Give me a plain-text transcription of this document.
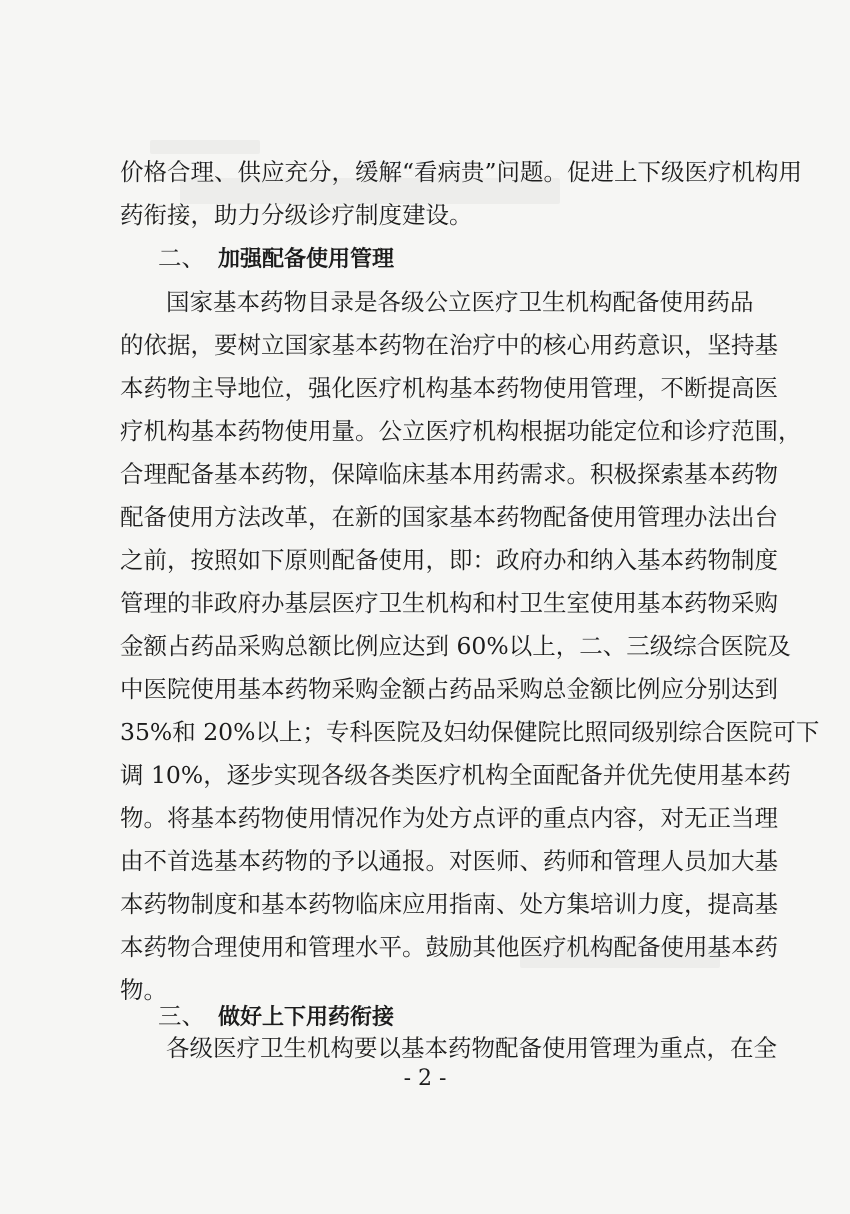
价格合理、供应充分，缓解“看病贵”问题。促进上下级医疗机构用
药衔接，助力分级诊疗制度建设。
二、 加强配备使用管理
国家基本药物目录是各级公立医疗卫生机构配备使用药品
的依据，要树立国家基本药物在治疗中的核心用药意识，坚持基
本药物主导地位，强化医疗机构基本药物使用管理，不断提高医
疗机构基本药物使用量。公立医疗机构根据功能定位和诊疗范围，
合理配备基本药物，保障临床基本用药需求。积极探索基本药物
配备使用方法改革，在新的国家基本药物配备使用管理办法出台
之前，按照如下原则配备使用，即：政府办和纳入基本药物制度
管理的非政府办基层医疗卫生机构和村卫生室使用基本药物采购
金额占药品采购总额比例应达到 60%以上，二、三级综合医院及
中医院使用基本药物采购金额占药品采购总金额比例应分别达到
35%和 20%以上；专科医院及妇幼保健院比照同级别综合医院可下
调 10%，逐步实现各级各类医疗机构全面配备并优先使用基本药
物。将基本药物使用情况作为处方点评的重点内容，对无正当理
由不首选基本药物的予以通报。对医师、药师和管理人员加大基
本药物制度和基本药物临床应用指南、处方集培训力度，提高基
本药物合理使用和管理水平。鼓励其他医疗机构配备使用基本药
物。
三、 做好上下用药衔接
各级医疗卫生机构要以基本药物配备使用管理为重点，在全
- 2 -
